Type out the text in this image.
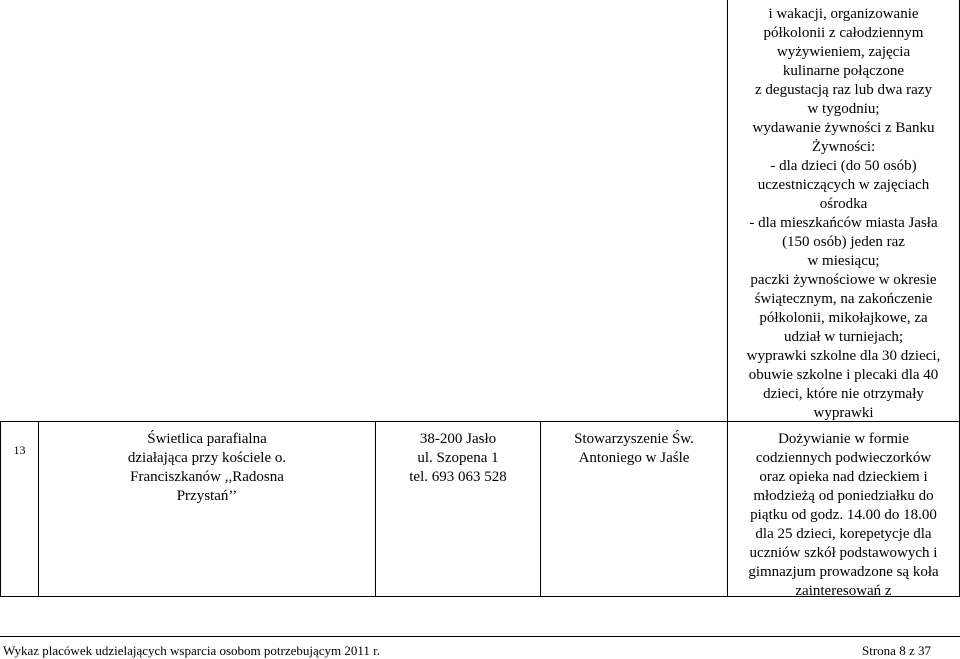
i wakacji, organizowanie
półkolonii z całodziennym
wyżywieniem, zajęcia
kulinarne połączone
z degustacją raz lub dwa razy
w tygodniu;
wydawanie żywności z Banku
Żywności:
- dla dzieci (do 50 osób)
uczestniczących w zajęciach
ośrodka
- dla mieszkańców miasta Jasła
(150 osób) jeden raz
w miesiącu;
paczki żywnościowe w okresie
świątecznym, na zakończenie
półkolonii, mikołajkowe, za
udział w turniejach;
wyprawki szkolne dla 30 dzieci,
obuwie szkolne i plecaki dla 40
dzieci, które nie otrzymały
wyprawki
13
Świetlica parafialna
działająca przy kościele o.
Franciszkanów ,,Radosna
Przystań’’
38-200 Jasło
ul. Szopena 1
tel. 693 063 528
Stowarzyszenie Św.
Antoniego w Jaśle
Dożywianie w formie
codziennych podwieczorków
oraz opieka nad dzieckiem i
młodzieżą od poniedziałku do
piątku od godz. 14.00 do 18.00
dla 25 dzieci, korepetycje dla
uczniów szkół podstawowych i
gimnazjum prowadzone są koła
zainteresowań z
Wykaz placówek udzielających wsparcia osobom potrzebującym 2011 r.	Strona 8 z 37
